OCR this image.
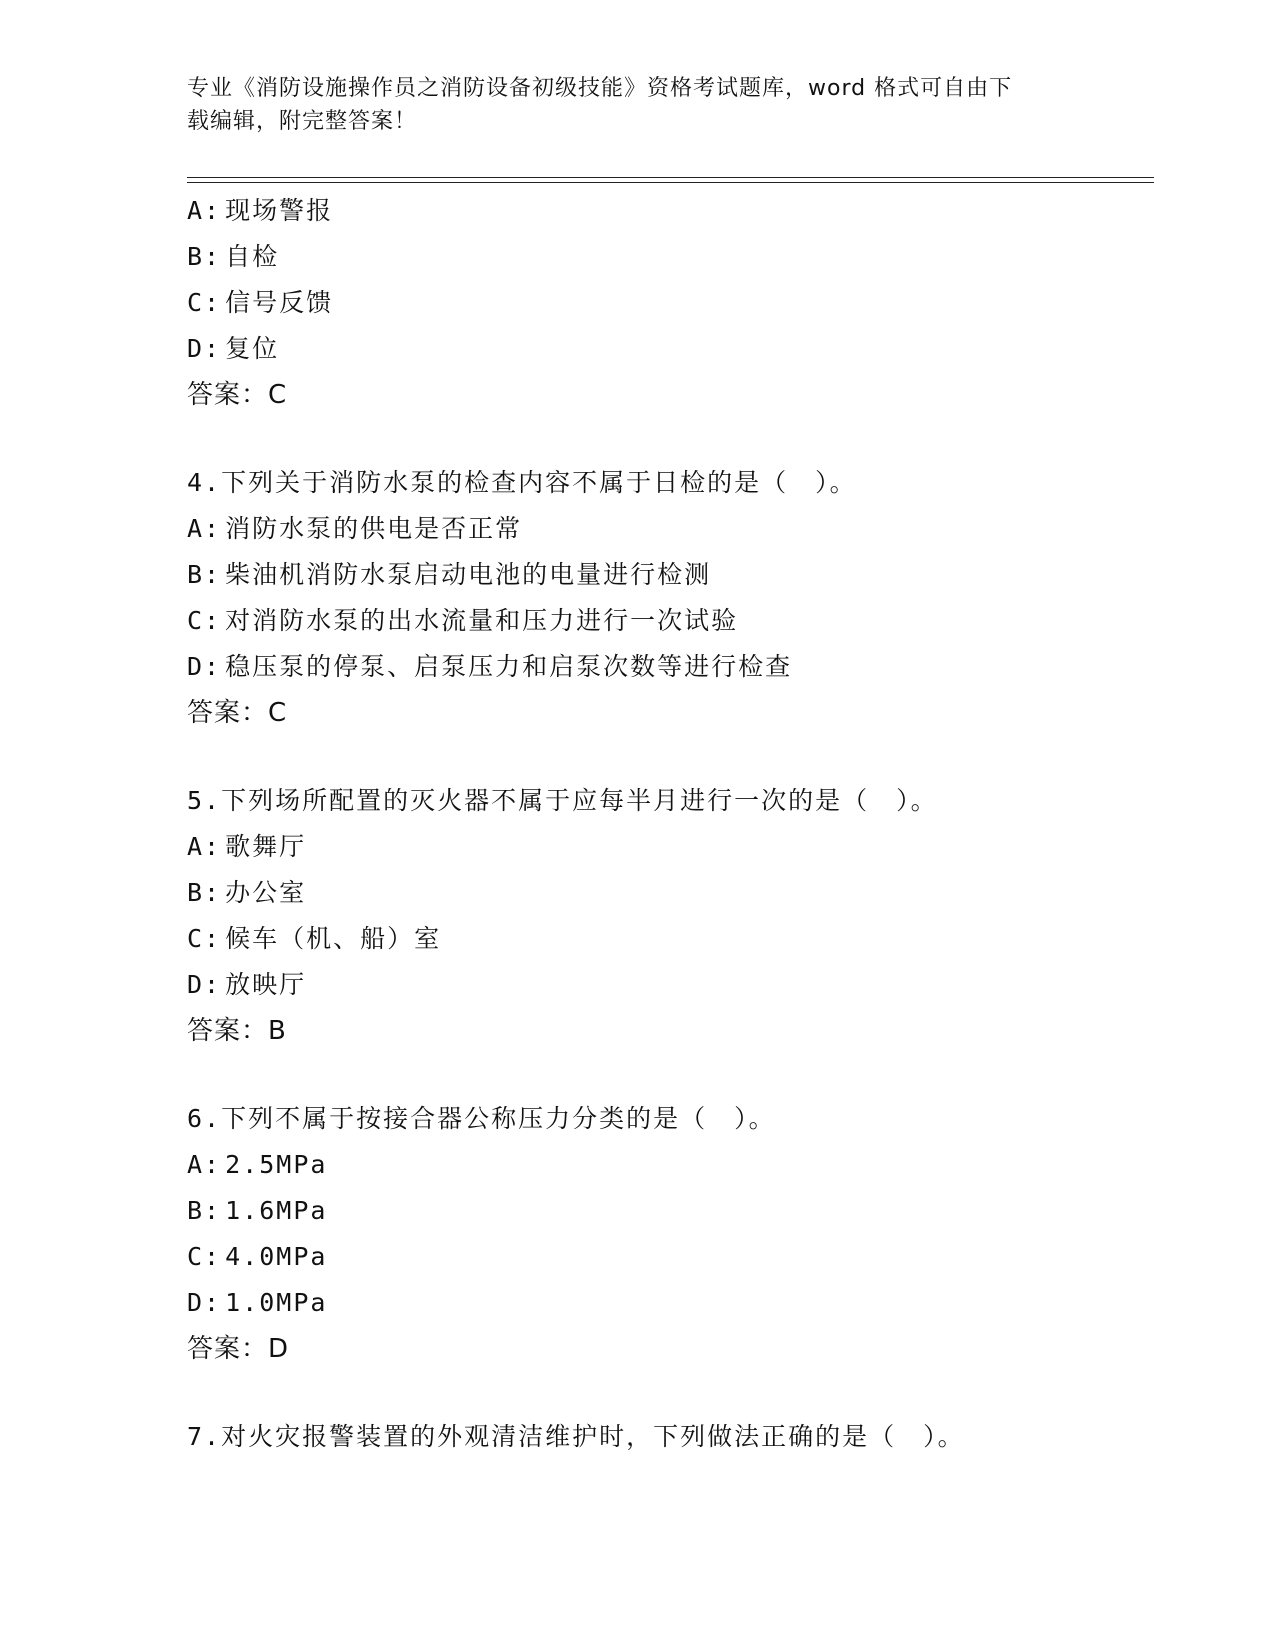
专业《消防设施操作员之消防设备初级技能》资格考试题库，word 格式可自由下
载编辑，附完整答案！
A: 现场警报
B: 自检
C: 信号反馈
D: 复位
答案：C
4.下列关于消防水泵的检查内容不属于日检的是（　）。
A: 消防水泵的供电是否正常
B: 柴油机消防水泵启动电池的电量进行检测
C: 对消防水泵的出水流量和压力进行一次试验
D: 稳压泵的停泵、启泵压力和启泵次数等进行检查
答案：C
5.下列场所配置的灭火器不属于应每半月进行一次的是（　）。
A: 歌舞厅
B: 办公室
C: 候车（机、船）室
D: 放映厅
答案：B
6.下列不属于按接合器公称压力分类的是（　）。
A: 2.5MPa
B: 1.6MPa
C: 4.0MPa
D: 1.0MPa
答案：D
7.对火灾报警装置的外观清洁维护时，下列做法正确的是（　）。
